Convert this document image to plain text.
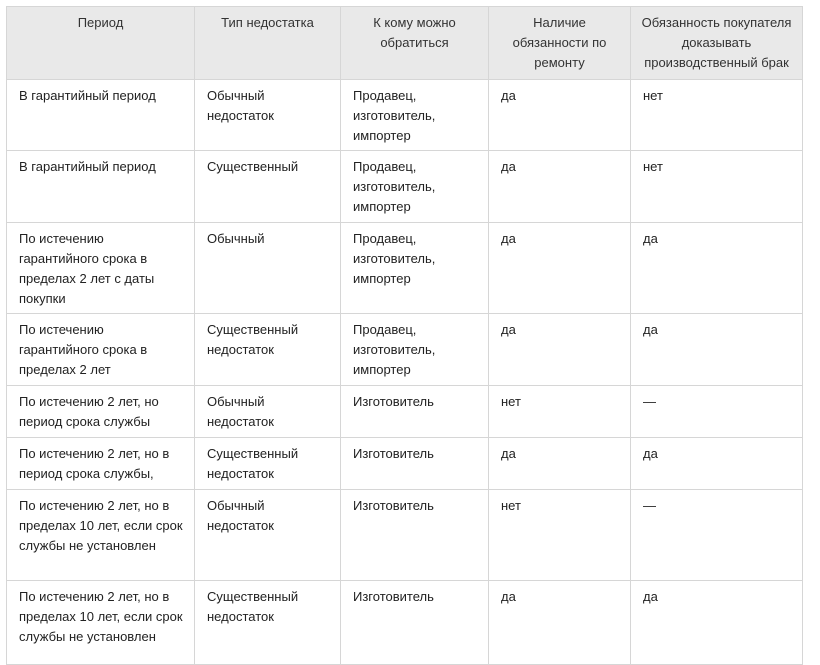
Период	Тип недостатка	К кому можно обратиться	Наличие обязанности по ремонту	Обязанность покупателя доказывать производственный брак
В гарантийный период	Обычный недостаток	Продавец, изготовитель, импортер	да	нет
В гарантийный период	Существенный	Продавец, изготовитель, импортер	да	нет
По истечению гарантийного срока в пределах 2 лет с даты покупки	Обычный	Продавец, изготовитель, импортер	да	да
По истечению гарантийного срока в пределах 2 лет	Существенный недостаток	Продавец, изготовитель, импортер	да	да
По истечению 2 лет, но период срока службы	Обычный недостаток	Изготовитель	нет	—
По истечению 2 лет, но в период срока службы,	Существенный недостаток	Изготовитель	да	да
По истечению 2 лет, но в пределах 10 лет, если срок службы не установлен	Обычный недостаток	Изготовитель	нет	—
По истечению 2 лет, но в пределах 10 лет, если срок службы не установлен	Существенный недостаток	Изготовитель	да	да
